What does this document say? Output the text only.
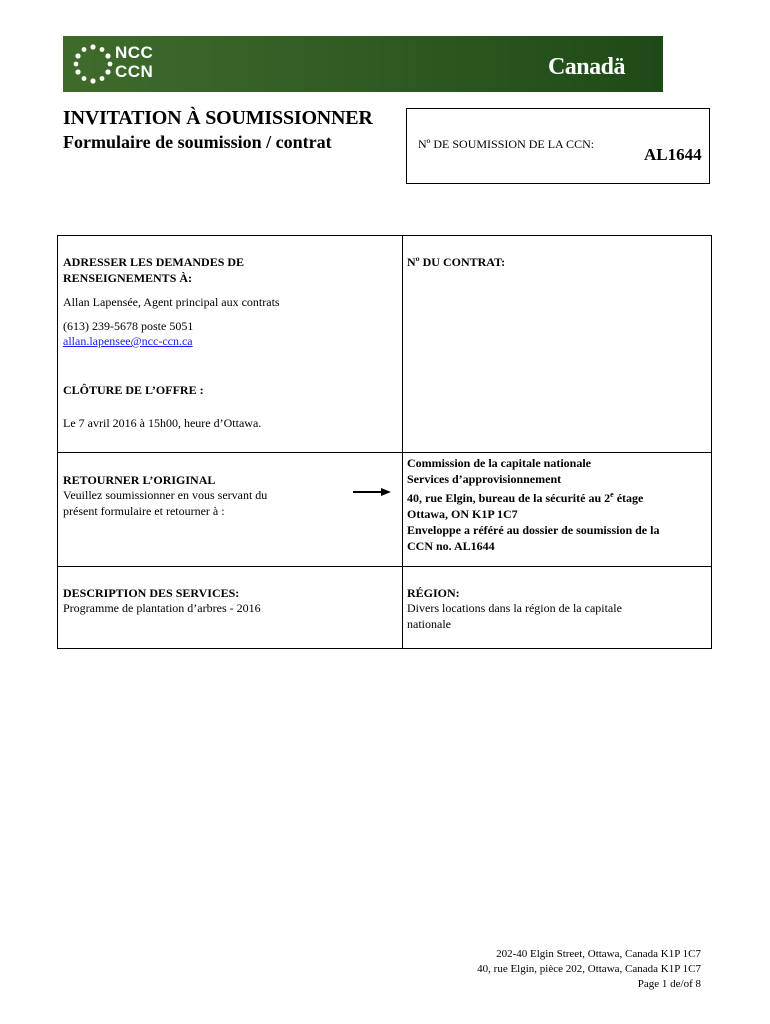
NCC
CCN	Canadä
INVITATION À SOUMISSIONNER
Formulaire de soumission / contrat	Nº DE SOUMISSION DE LA CCN:
AL1644
ADRESSER LES DEMANDES DE
RENSEIGNEMENTS À:
Allan Lapensée, Agent principal aux contrats
(613) 239-5678 poste 5051
allan.lapensee@ncc-ccn.ca
Nº DU CONTRAT:
CLÔTURE DE L’OFFRE :
Le 7 avril 2016 à 15h00, heure d’Ottawa.
RETOURNER L’ORIGINAL
Veuillez soumissionner en vous servant du
présent formulaire et retourner à :
Commission de la capitale nationale
Services d’approvisionnement
40, rue Elgin, bureau de la sécurité au 2e étage
Ottawa, ON K1P 1C7
Enveloppe a référé au dossier de soumission de la
CCN no. AL1644
DESCRIPTION DES SERVICES:
Programme de plantation d’arbres - 2016
RÉGION:
Divers locations dans la région de la capitale
nationale
202-40 Elgin Street, Ottawa, Canada K1P 1C7
40, rue Elgin, pièce 202, Ottawa, Canada K1P 1C7
Page 1 de/of 8
